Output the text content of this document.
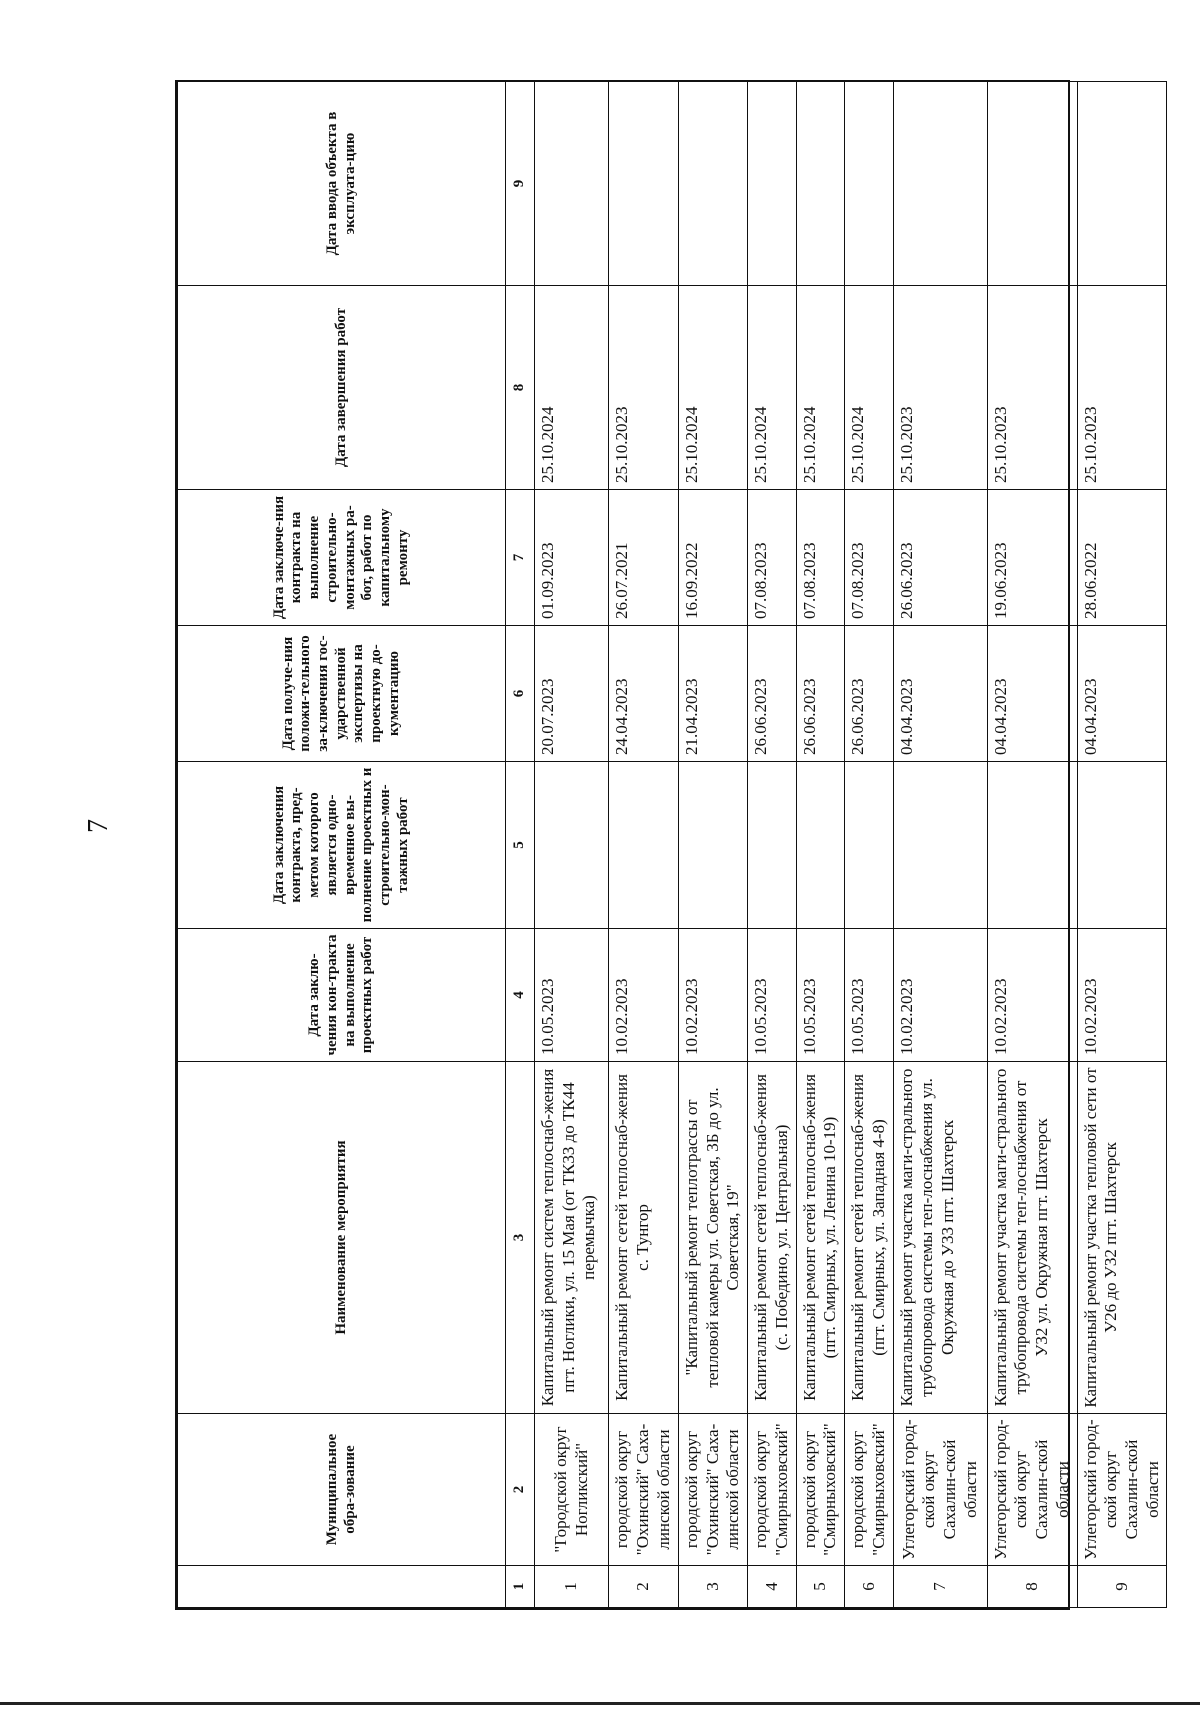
7
	Муниципальное обра-зование	Наименование мероприятия	Дата заклю-чения кон-тракта на выполнение проектных работ	Дата заключения контракта, пред-метом которого является одно-временное вы-полнение проектных и строительно-мон-тажных работ	Дата получе-ния положи-тельного за-ключения гос-ударственной экспертизы на проектную до-кументацию	Дата заключе-ния контракта на выполнение строительно-монтажных ра-бот, работ по капитальному ремонту	Дата завершения работ	Дата ввода объекта в эксплуата-цию
1	2	3	4	5	6	7	8	9
1	"Городской округ Ногликский"	Капитальный ремонт систем теплоснаб-жения пгт. Ноглики, ул. 15 Мая (от ТК33 до ТК44 перемычка)	10.05.2023		20.07.2023	01.09.2023	25.10.2024	
2	городской округ "Охинский" Саха-линской области	Капитальный ремонт сетей теплоснаб-жения с. Тунгор	10.02.2023		24.04.2023	26.07.2021	25.10.2023	
3	городской округ "Охинский" Саха-линской области	"Капитальный ремонт теплотрассы от тепловой камеры ул. Советская, 3Б до ул. Советская, 19"	10.02.2023		21.04.2023	16.09.2022	25.10.2024	
4	городской округ "Смирныховский"	Капитальный ремонт сетей теплоснаб-жения (с. Победино, ул. Центральная)	10.05.2023		26.06.2023	07.08.2023	25.10.2024	
5	городской округ "Смирныховский"	Капитальный ремонт сетей теплоснаб-жения (пгт. Смирных, ул. Ленина 10-19)	10.05.2023		26.06.2023	07.08.2023	25.10.2024	
6	городской округ "Смирныховский"	Капитальный ремонт сетей теплоснаб-жения (пгт. Смирных, ул. Западная 4-8)	10.05.2023		26.06.2023	07.08.2023	25.10.2024	
7	Углегорский город-ской округ Сахалин-ской области	Капитальный ремонт участка маги-стрального трубопровода системы теп-лоснабжения ул. Окружная до У33 пгт. Шахтерск	10.02.2023		04.04.2023	26.06.2023	25.10.2023	
8	Углегорский город-ской округ Сахалин-ской области	Капитальный ремонт участка маги-стрального трубопровода системы теп-лоснабжения от У32 ул. Окружная пгт. Шахтерск	10.02.2023		04.04.2023	19.06.2023	25.10.2023	
9	Углегорский город-ской округ Сахалин-ской области	Капитальный ремонт участка тепловой сети от У26 до У32 пгт. Шахтерск	10.02.2023		04.04.2023	28.06.2022	25.10.2023	
